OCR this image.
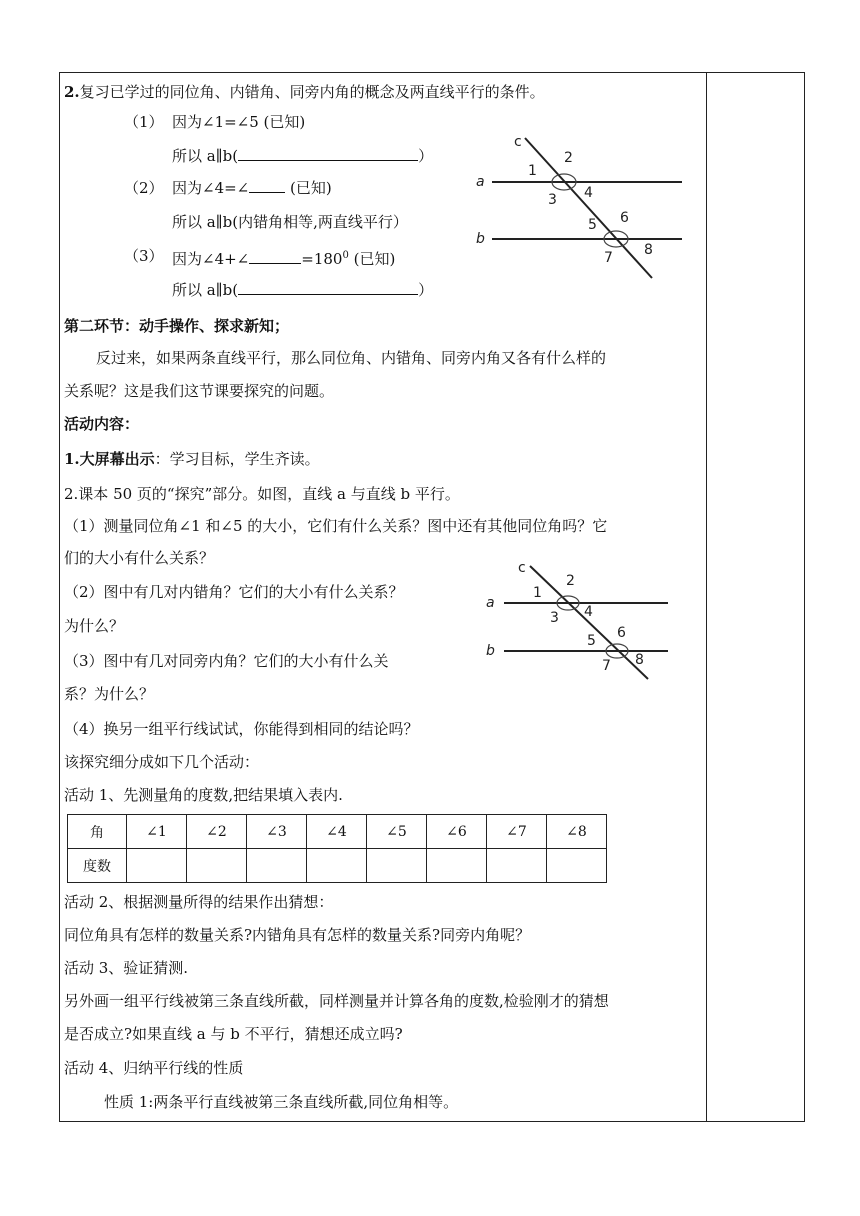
2.复习已学过的同位角、内错角、同旁内角的概念及两直线平行的条件。
（1） 因为∠1=∠5 (已知)
所以 a∥b(	）
（2） 因为∠4=∠	(已知)
所以 a∥b(内错角相等,两直线平行）
（3） 因为∠4+∠	$=180^0$ (已知)
所以 a∥b(	）
c
a
b
1
2
3 4
5 6
7 8
第二环节：动手操作、探求新知；
反过来，如果两条直线平行，那么同位角、内错角、同旁内角又各有什么样的
关系呢？这是我们这节课要探究的问题。
活动内容：
1.大屏幕出示：学习目标，学生齐读。
2.课本 50 页的“探究”部分。如图，直线 a 与直线 b 平行。
（1）测量同位角∠1 和∠5 的大小，它们有什么关系？图中还有其他同位角吗？它
们的大小有什么关系？
（2）图中有几对内错角？它们的大小有什么关系？
为什么？
（3）图中有几对同旁内角？它们的大小有什么关
系？为什么？
（4）换另一组平行线试试，你能得到相同的结论吗？
该探究细分成如下几个活动：
活动 1、先测量角的度数,把结果填入表内.
c
a
b
1
2
3 4
5 6
7 8
角	∠1	∠2	∠3	∠4	∠5	∠6	∠7	∠8
度数								
活动 2、根据测量所得的结果作出猜想：
同位角具有怎样的数量关系?内错角具有怎样的数量关系?同旁内角呢？
活动 3、验证猜测.
另外画一组平行线被第三条直线所截，同样测量并计算各角的度数,检验刚才的猜想
是否成立?如果直线 a 与 b 不平行，猜想还成立吗?
活动 4、归纳平行线的性质
性质 1:两条平行直线被第三条直线所截,同位角相等。
